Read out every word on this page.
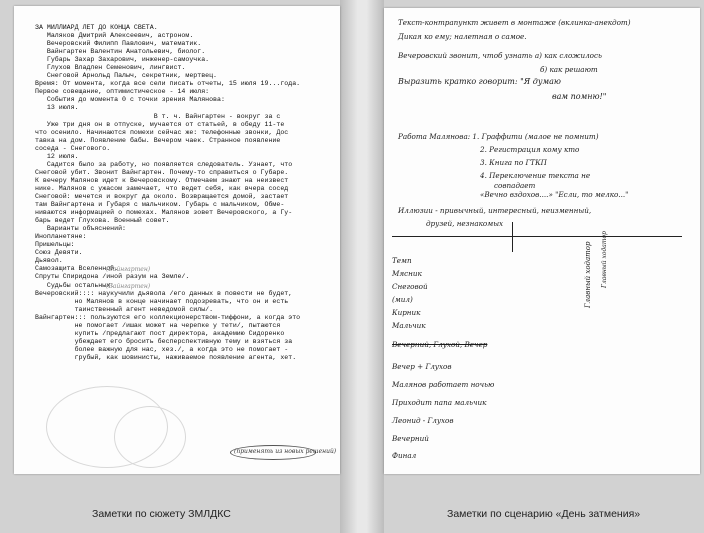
ЗА МИЛЛИАРД ЛЕТ ДО КОНЦА СВЕТА.
Маляков Дмитрий Алексеевич, астроном.
Вечеровский Филипп Павлович, математик.
Вайнгартен Валентин Анатольевич, биолог.
Губарь Захар Захарович, инженер-самоучка.
Глухов Владлен Семенович, лингвист.
Снеговой Арнольд Палыч, секретник, мертвец.
Время: От момента, когда все сели писать отчеты, 15 июля 19...года.
Первое совещание, оптимистическое - 14 июля:
События до момента 0 с точки зрения Малянова:
13 июля.
В т. ч. Вайнгартен - вокруг за с
Уже три дня он в отпуске, мучается от статьей, в обеду 11-те
что осенило. Начинаются помехи сейчас же: телефонные звонки, Дос
тавка на дом. Появление бабы. Вечером чаек. Странное появление
соседа - Снегового.
12 июля.
Садится было за работу, но появляется следователь. Узнает, что
Снеговой убит. Звонит Вайнгартен. Почему-то справиться о Губаре.
К вечеру Малянов идет к Вечеровскому. Отмечаем знают на неизвест
нике. Малянов с ужасом замечает, что ведет себя, как вчера сосед
Снеговой: мечется и вокруг да около. Возвращается домой, застает
там Вайнгартена и Губаря с мальчиком. Губарь с мальчиком, Обме-
ниваются информацией о помехах. Малянов зовет Вечеровского, а Гу-
барь ведет Глухова. Военный совет.
Варианты объяснений:
Инопланетяне:
Пришельцы:
Союз Девяти.
Дьявол.
Самозащита Вселенной.
Спруты Спиридона /иной разум на Земле/.
Судьбы остальных:
Вечеровский:::: наукучили дьявола /его данных в повести не будет,
но Малянов в конце начинает подозревать, что он и есть
таинственный агент неведомой силы/.
Вайнгартен::: пользуются его коллекционерством-тиффони, а когда это
не помогает /ишак может на черепке у тети/, пытаются
купить /предлагают пост директора, академию Сидоренко
убеждает его бросить бесперспективную тему и взяться за
более важную для нас, хез./, а когда это не помогает -
грубый, как шовинисты, наживаемое появление агента, хет.
(Вайнгартен)
(Вайнгартен)
(применять из новых решений)
Текст-контрапункт живет в монтаже (вклинка-анекдот)
Дикая ко ему; налетная о самое.
Вечеровский звонит, чтоб узнать а) как сложилось
б) как решают
Выразить кратко говорит: "Я думаю
вам помню!"
Работа Малянова: 1. Граффити (малое не помнит)
2. Регистрация кому кто
3. Книга по ГТКП
4. Переключение текста не
совпадает
«Вечно вздохов....» "Если, то мелко..."
Иллюзии - привычный, интересный, неизменный,
друзей, незнакомых
Главный ходатор Главный ходатор
Темп
Мясник
Снеговой
(мил)
Кирник
Мальчик
Вечерний, Глухой, Вечер
Вечер + Глухов
Малянов работает ночью
Приходит папа мальчик
Леонид - Глухов
Вечерний
Финал
Заметки по сюжету ЗМЛДКС	Заметки по сценарию «День затмения»
